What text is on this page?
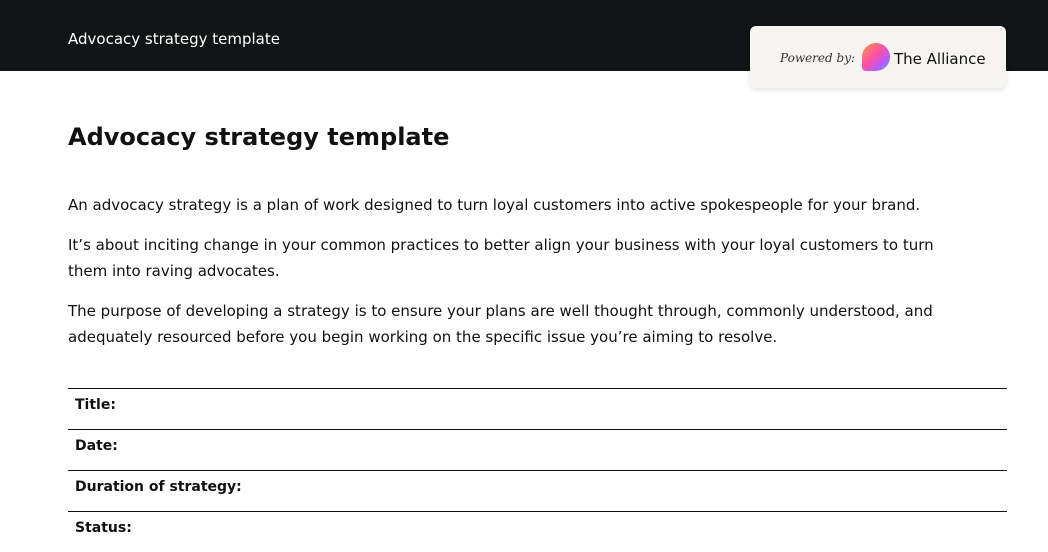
Advocacy strategy template
Powered by:	The Alliance
Advocacy strategy template

An advocacy strategy is a plan of work designed to turn loyal customers into active spokespeople for your brand.

It’s about inciting change in your common practices to better align your business with your loyal customers to turn them into raving advocates.

The purpose of developing a strategy is to ensure your plans are well thought through, commonly understood, and adequately resourced before you begin working on the specific issue you’re aiming to resolve.

Title:
Date:
Duration of strategy:
Status:
